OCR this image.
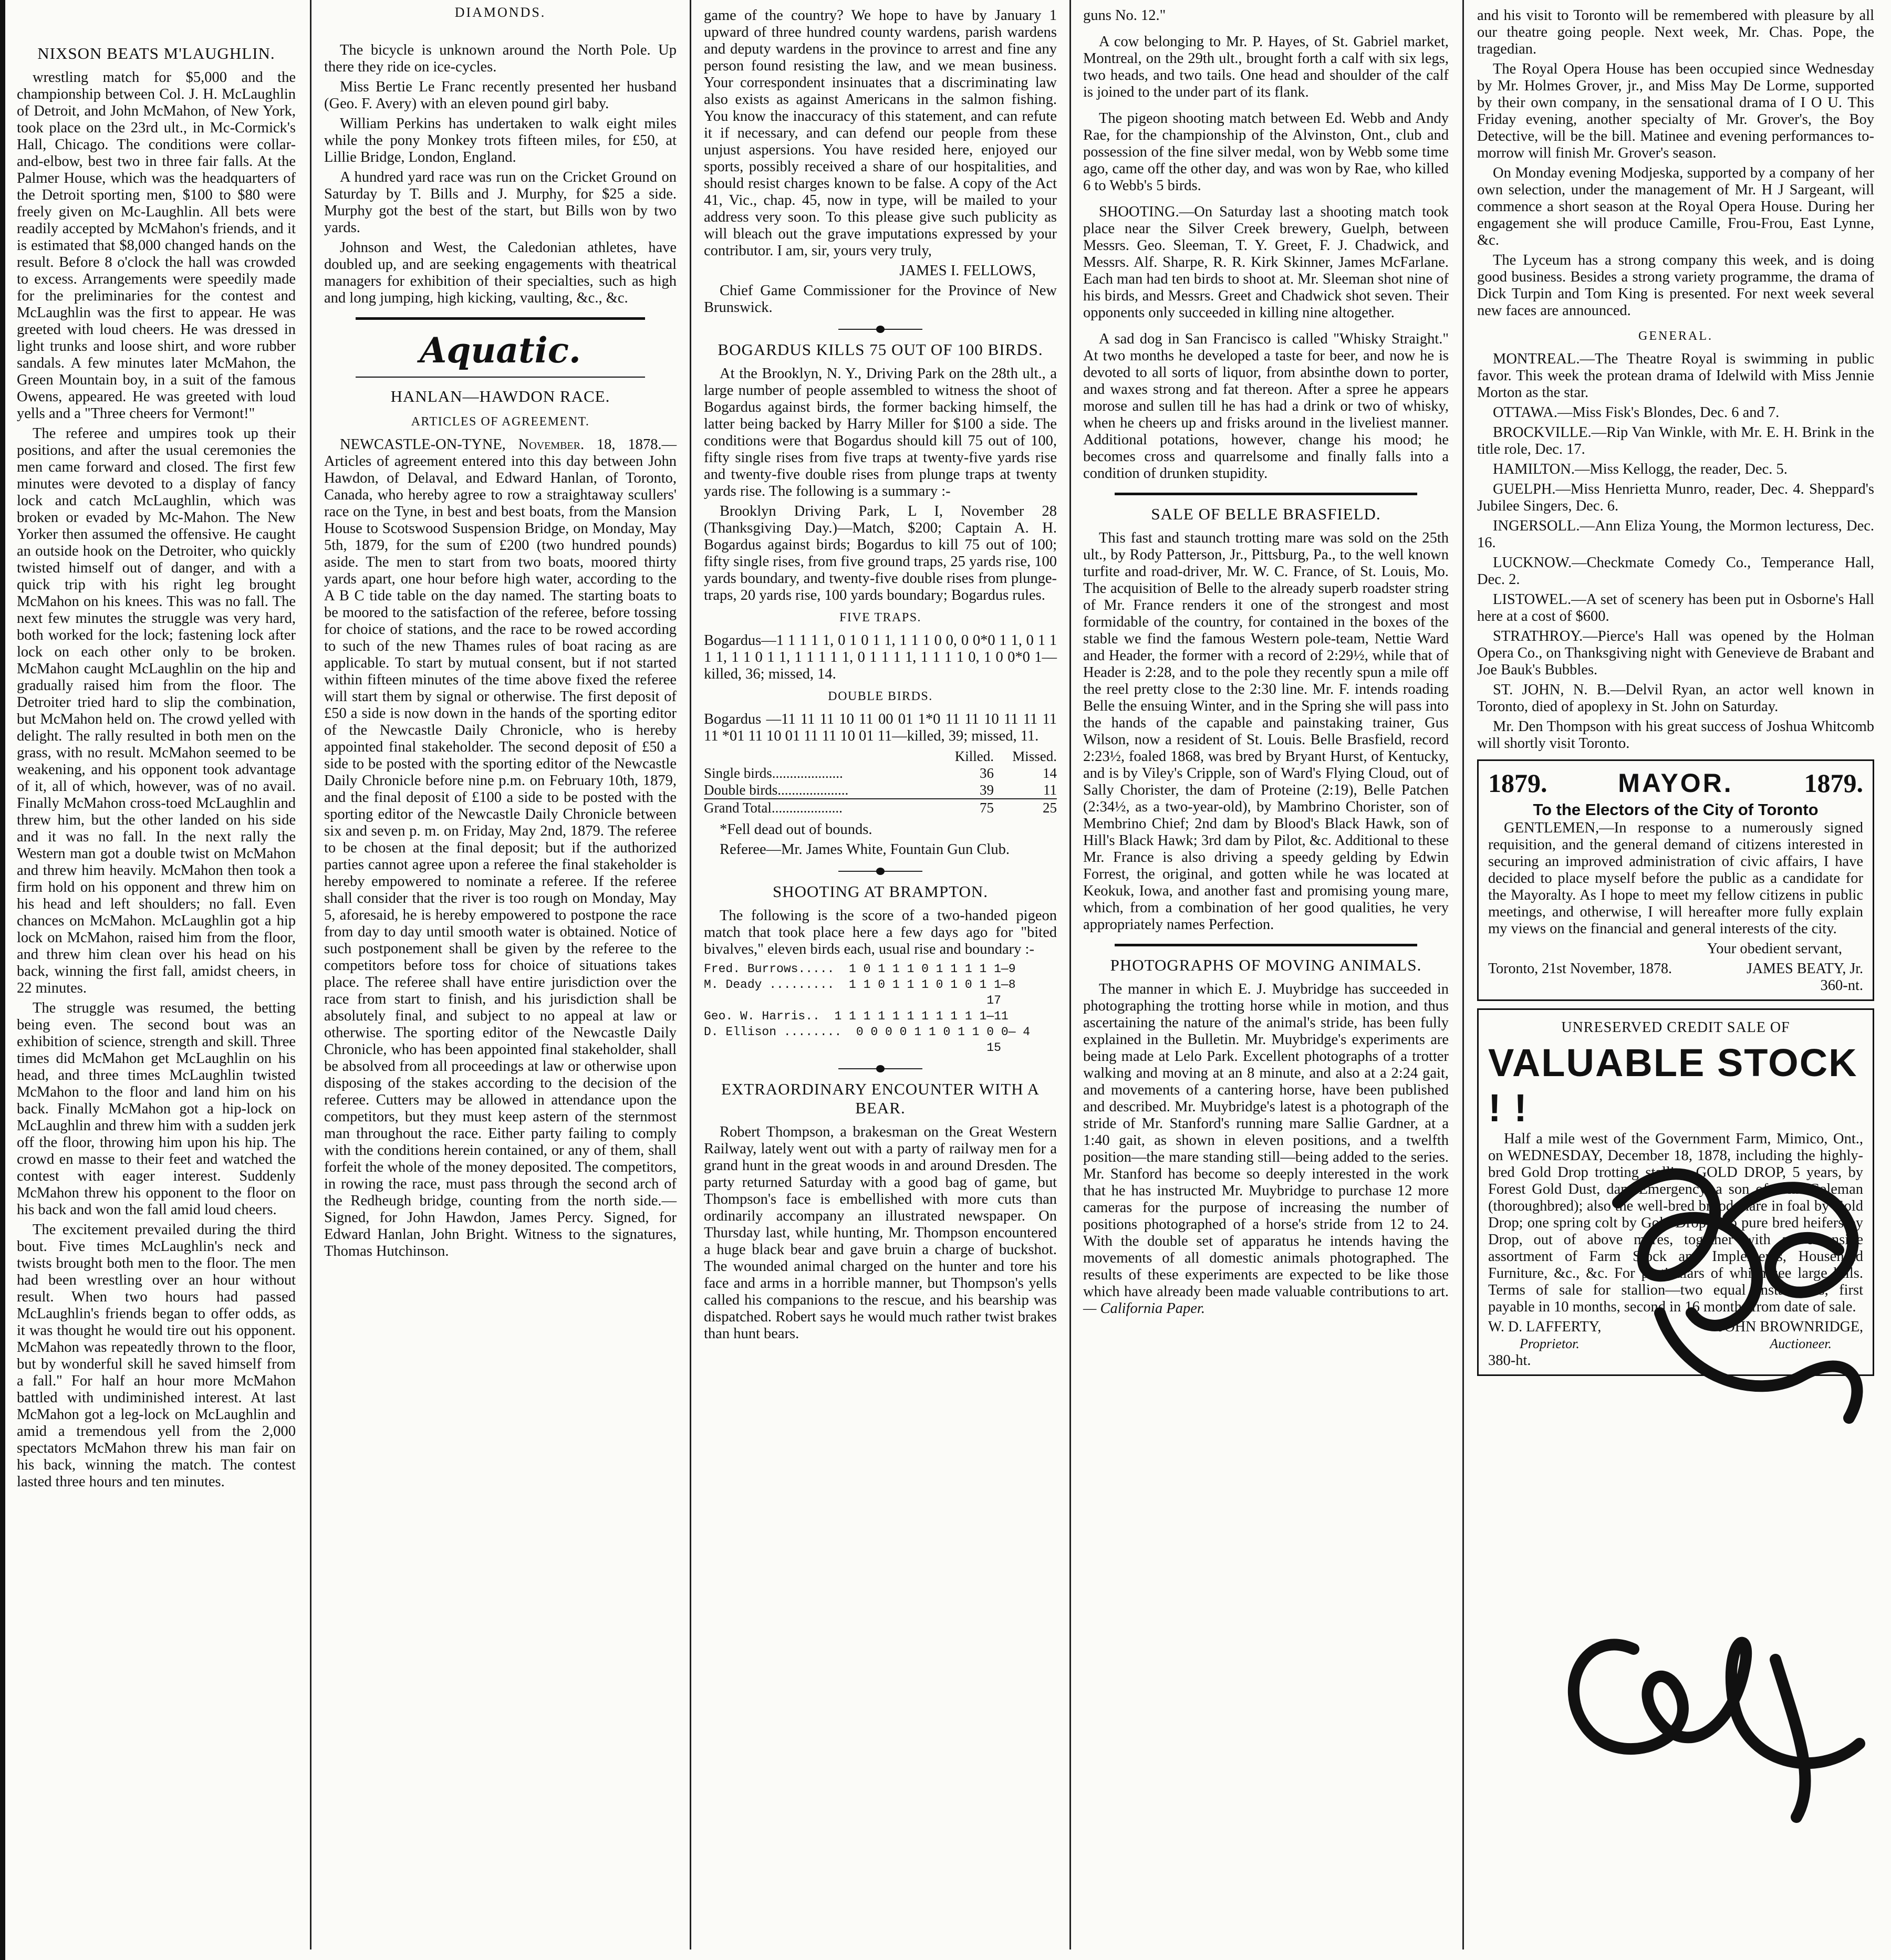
NIXSON BEATS M'LAUGHLIN.

wrestling match for $5,000 and the championship between Col. J. H. McLaughlin of Detroit, and John McMahon, of New York, took place on the 23rd ult., in Mc-Cormick's Hall, Chicago. The conditions were collar-and-elbow, best two in three fair falls. At the Palmer House, which was the headquarters of the Detroit sporting men, $100 to $80 were freely given on Mc-Laughlin. All bets were readily accepted by McMahon's friends, and it is estimated that $8,000 changed hands on the result. Before 8 o'clock the hall was crowded to excess. Arrangements were speedily made for the preliminaries for the contest and McLaughlin was the first to appear. He was greeted with loud cheers. He was dressed in light trunks and loose shirt, and wore rubber sandals. A few minutes later McMahon, the Green Mountain boy, in a suit of the famous Owens, appeared. He was greeted with loud yells and a "Three cheers for Vermont!"

The referee and umpires took up their positions, and after the usual ceremonies the men came forward and closed. The first few minutes were devoted to a display of fancy lock and catch McLaughlin, which was broken or evaded by Mc-Mahon. The New Yorker then assumed the offensive. He caught an outside hook on the Detroiter, who quickly twisted himself out of danger, and with a quick trip with his right leg brought McMahon on his knees. This was no fall. The next few minutes the struggle was very hard, both worked for the lock; fastening lock after lock on each other only to be broken. McMahon caught McLaughlin on the hip and gradually raised him from the floor. The Detroiter tried hard to slip the combination, but McMahon held on. The crowd yelled with delight. The rally resulted in both men on the grass, with no result. McMahon seemed to be weakening, and his opponent took advantage of it, all of which, however, was of no avail. Finally McMahon cross-toed McLaughlin and threw him, but the other landed on his side and it was no fall. In the next rally the Western man got a double twist on McMahon and threw him heavily. McMahon then took a firm hold on his opponent and threw him on his head and left shoulders; no fall. Even chances on McMahon. McLaughlin got a hip lock on McMahon, raised him from the floor, and threw him clean over his head on his back, winning the first fall, amidst cheers, in 22 minutes.

The struggle was resumed, the betting being even. The second bout was an exhibition of science, strength and skill. Three times did McMahon get McLaughlin on his head, and three times McLaughlin twisted McMahon to the floor and land him on his back. Finally McMahon got a hip-lock on McLaughlin and threw him with a sudden jerk off the floor, throwing him upon his hip. The crowd en masse to their feet and watched the contest with eager interest. Suddenly McMahon threw his opponent to the floor on his back and won the fall amid loud cheers.

The excitement prevailed during the third bout. Five times McLaughlin's neck and twists brought both men to the floor. The men had been wrestling over an hour without result. When two hours had passed McLaughlin's friends began to offer odds, as it was thought he would tire out his opponent. McMahon was repeatedly thrown to the floor, but by wonderful skill he saved himself from a fall." For half an hour more McMahon battled with undiminished interest. At last McMahon got a leg-lock on McLaughlin and amid a tremendous yell from the 2,000 spectators McMahon threw his man fair on his back, winning the match. The contest lasted three hours and ten minutes.

DIAMONDS.

The bicycle is unknown around the North Pole. Up there they ride on ice-cycles.

Miss Bertie Le Franc recently presented her husband (Geo. F. Avery) with an eleven pound girl baby.

William Perkins has undertaken to walk eight miles while the pony Monkey trots fifteen miles, for £50, at Lillie Bridge, London, England.

A hundred yard race was run on the Cricket Ground on Saturday by T. Bills and J. Murphy, for $25 a side. Murphy got the best of the start, but Bills won by two yards.

Johnson and West, the Caledonian athletes, have doubled up, and are seeking engagements with theatrical managers for exhibition of their specialties, such as high and long jumping, high kicking, vaulting, &c., &c.

Aquatic.
HANLAN—HAWDON RACE.
ARTICLES OF AGREEMENT.

NEWCASTLE-ON-TYNE, November. 18, 1878.—Articles of agreement entered into this day between John Hawdon, of Delaval, and Edward Hanlan, of Toronto, Canada, who hereby agree to row a straightaway scullers' race on the Tyne, in best and best boats, from the Mansion House to Scotswood Suspension Bridge, on Monday, May 5th, 1879, for the sum of £200 (two hundred pounds) aside. The men to start from two boats, moored thirty yards apart, one hour before high water, according to the A B C tide table on the day named. The starting boats to be moored to the satisfaction of the referee, before tossing for choice of stations, and the race to be rowed according to such of the new Thames rules of boat racing as are applicable. To start by mutual consent, but if not started within fifteen minutes of the time above fixed the referee will start them by signal or otherwise. The first deposit of £50 a side is now down in the hands of the sporting editor of the Newcastle Daily Chronicle, who is hereby appointed final stakeholder. The second deposit of £50 a side to be posted with the sporting editor of the Newcastle Daily Chronicle before nine p.m. on February 10th, 1879, and the final deposit of £100 a side to be posted with the sporting editor of the Newcastle Daily Chronicle between six and seven p. m. on Friday, May 2nd, 1879. The referee to be chosen at the final deposit; but if the authorized parties cannot agree upon a referee the final stakeholder is hereby empowered to nominate a referee. If the referee shall consider that the river is too rough on Monday, May 5, aforesaid, he is hereby empowered to postpone the race from day to day until smooth water is obtained. Notice of such postponement shall be given by the referee to the competitors before toss for choice of situations takes place. The referee shall have entire jurisdiction over the race from start to finish, and his jurisdiction shall be absolutely final, and subject to no appeal at law or otherwise. The sporting editor of the Newcastle Daily Chronicle, who has been appointed final stakeholder, shall be absolved from all proceedings at law or otherwise upon disposing of the stakes according to the decision of the referee. Cutters may be allowed in attendance upon the competitors, but they must keep astern of the sternmost man throughout the race. Either party failing to comply with the conditions herein contained, or any of them, shall forfeit the whole of the money deposited. The competitors, in rowing the race, must pass through the second arch of the Redheugh bridge, counting from the north side.—Signed, for John Hawdon, James Percy. Signed, for Edward Hanlan, John Bright. Witness to the signatures, Thomas Hutchinson.

game of the country? We hope to have by January 1 upward of three hundred county wardens, parish wardens and deputy wardens in the province to arrest and fine any person found resisting the law, and we mean business. Your correspondent insinuates that a discriminating law also exists as against Americans in the salmon fishing. You know the inaccuracy of this statement, and can refute it if necessary, and can defend our people from these unjust aspersions. You have resided here, enjoyed our sports, possibly received a share of our hospitalities, and should resist charges known to be false. A copy of the Act 41, Vic., chap. 45, now in type, will be mailed to your address very soon. To this please give such publicity as will bleach out the grave imputations expressed by your contributor. I am, sir, yours very truly,

JAMES I. FELLOWS,

Chief Game Commissioner for the Province of New Brunswick.

BOGARDUS KILLS 75 OUT OF 100 BIRDS.

At the Brooklyn, N. Y., Driving Park on the 28th ult., a large number of people assembled to witness the shoot of Bogardus against birds, the former backing himself, the latter being backed by Harry Miller for $100 a side. The conditions were that Bogardus should kill 75 out of 100, fifty single rises from five traps at twenty-five yards rise and twenty-five double rises from plunge traps at twenty yards rise. The following is a summary :-

Brooklyn Driving Park, L I, November 28 (Thanksgiving Day.)—Match, $200; Captain A. H. Bogardus against birds; Bogardus to kill 75 out of 100; fifty single rises, from five ground traps, 25 yards rise, 100 yards boundary, and twenty-five double rises from plunge-traps, 20 yards rise, 100 yards boundary; Bogardus rules.

FIVE TRAPS.

Bogardus—1 1 1 1 1, 0 1 0 1 1, 1 1 1 0 0, 0 0*0 1 1, 0 1 1 1 1, 1 1 0 1 1, 1 1 1 1 1, 0 1 1 1 1, 1 1 1 1 0, 1 0 0*0 1—killed, 36; missed, 14.

DOUBLE BIRDS.

Bogardus —11 11 11 10 11 00 01 1*0 11 11 10 11 11 11 11 *01 11 10 01 11 11 10 01 11—killed, 39; missed, 11.

	Killed.	Missed.
Single birds....................	36	14
Double birds....................	39	11
Grand Total....................	75	25

*Fell dead out of bounds.

Referee—Mr. James White, Fountain Gun Club.

SHOOTING AT BRAMPTON.

The following is the score of a two-handed pigeon match that took place here a few days ago for "bited bivalves," eleven birds each, usual rise and boundary :-

Fred. Burrows.....  1 0 1 1 1 0 1 1 1 1 1—9
M. Deady .........  1 1 0 1 1 1 0 1 0 1 1—8
17
Geo. W. Harris..  1 1 1 1 1 1 1 1 1 1 1—11
D. Ellison ........  0 0 0 0 1 1 0 1 1 0 0— 4
15
EXTRAORDINARY ENCOUNTER WITH A BEAR.

Robert Thompson, a brakesman on the Great Western Railway, lately went out with a party of railway men for a grand hunt in the great woods in and around Dresden. The party returned Saturday with a good bag of game, but Thompson's face is embellished with more cuts than ordinarily accompany an illustrated newspaper. On Thursday last, while hunting, Mr. Thompson encountered a huge black bear and gave bruin a charge of buckshot. The wounded animal charged on the hunter and tore his face and arms in a horrible manner, but Thompson's yells called his companions to the rescue, and his bearship was dispatched. Robert says he would much rather twist brakes than hunt bears.

guns No. 12."

A cow belonging to Mr. P. Hayes, of St. Gabriel market, Montreal, on the 29th ult., brought forth a calf with six legs, two heads, and two tails. One head and shoulder of the calf is joined to the under part of its flank.

The pigeon shooting match between Ed. Webb and Andy Rae, for the championship of the Alvinston, Ont., club and possession of the fine silver medal, won by Webb some time ago, came off the other day, and was won by Rae, who killed 6 to Webb's 5 birds.

SHOOTING.—On Saturday last a shooting match took place near the Silver Creek brewery, Guelph, between Messrs. Geo. Sleeman, T. Y. Greet, F. J. Chadwick, and Messrs. Alf. Sharpe, R. R. Kirk Skinner, James McFarlane. Each man had ten birds to shoot at. Mr. Sleeman shot nine of his birds, and Messrs. Greet and Chadwick shot seven. Their opponents only succeeded in killing nine altogether.

A sad dog in San Francisco is called "Whisky Straight." At two months he developed a taste for beer, and now he is devoted to all sorts of liquor, from absinthe down to porter, and waxes strong and fat thereon. After a spree he appears morose and sullen till he has had a drink or two of whisky, when he cheers up and frisks around in the liveliest manner. Additional potations, however, change his mood; he becomes cross and quarrelsome and finally falls into a condition of drunken stupidity.

SALE OF BELLE BRASFIELD.

This fast and staunch trotting mare was sold on the 25th ult., by Rody Patterson, Jr., Pittsburg, Pa., to the well known turfite and road-driver, Mr. W. C. France, of St. Louis, Mo. The acquisition of Belle to the already superb roadster string of Mr. France renders it one of the strongest and most formidable of the country, for contained in the boxes of the stable we find the famous Western pole-team, Nettie Ward and Header, the former with a record of 2:29½, while that of Header is 2:28, and to the pole they recently spun a mile off the reel pretty close to the 2:30 line. Mr. F. intends roading Belle the ensuing Winter, and in the Spring she will pass into the hands of the capable and painstaking trainer, Gus Wilson, now a resident of St. Louis. Belle Brasfield, record 2:23½, foaled 1868, was bred by Bryant Hurst, of Kentucky, and is by Viley's Cripple, son of Ward's Flying Cloud, out of Sally Chorister, the dam of Proteine (2:19), Belle Patchen (2:34½, as a two-year-old), by Mambrino Chorister, son of Membrino Chief; 2nd dam by Blood's Black Hawk, son of Hill's Black Hawk; 3rd dam by Pilot, &c. Additional to these Mr. France is also driving a speedy gelding by Edwin Forrest, the original, and gotten while he was located at Keokuk, Iowa, and another fast and promising young mare, which, from a combination of her good qualities, he very appropriately names Perfection.

PHOTOGRAPHS OF MOVING ANIMALS.

The manner in which E. J. Muybridge has succeeded in photographing the trotting horse while in motion, and thus ascertaining the nature of the animal's stride, has been fully explained in the Bulletin. Mr. Muybridge's experiments are being made at Lelo Park. Excellent photographs of a trotter walking and moving at an 8 minute, and also at a 2:24 gait, and movements of a cantering horse, have been published and described. Mr. Muybridge's latest is a photograph of the stride of Mr. Stanford's running mare Sallie Gardner, at a 1:40 gait, as shown in eleven positions, and a twelfth position—the mare standing still—being added to the series. Mr. Stanford has become so deeply interested in the work that he has instructed Mr. Muybridge to purchase 12 more cameras for the purpose of increasing the number of positions photographed of a horse's stride from 12 to 24. With the double set of apparatus he intends having the movements of all domestic animals photographed. The results of these experiments are expected to be like those which have already been made valuable contributions to art. — California Paper.

and his visit to Toronto will be remembered with pleasure by all our theatre going people. Next week, Mr. Chas. Pope, the tragedian.

The Royal Opera House has been occupied since Wednesday by Mr. Holmes Grover, jr., and Miss May De Lorme, supported by their own company, in the sensational drama of I O U. This Friday evening, another specialty of Mr. Grover's, the Boy Detective, will be the bill. Matinee and evening performances to-morrow will finish Mr. Grover's season.

On Monday evening Modjeska, supported by a company of her own selection, under the management of Mr. H J Sargeant, will commence a short season at the Royal Opera House. During her engagement she will produce Camille, Frou-Frou, East Lynne, &c.

The Lyceum has a strong company this week, and is doing good business. Besides a strong variety programme, the drama of Dick Turpin and Tom King is presented. For next week several new faces are announced.

GENERAL.

MONTREAL.—The Theatre Royal is swimming in public favor. This week the protean drama of Idelwild with Miss Jennie Morton as the star.

OTTAWA.—Miss Fisk's Blondes, Dec. 6 and 7.

BROCKVILLE.—Rip Van Winkle, with Mr. E. H. Brink in the title role, Dec. 17.

HAMILTON.—Miss Kellogg, the reader, Dec. 5.

GUELPH.—Miss Henrietta Munro, reader, Dec. 4. Sheppard's Jubilee Singers, Dec. 6.

INGERSOLL.—Ann Eliza Young, the Mormon lecturess, Dec. 16.

LUCKNOW.—Checkmate Comedy Co., Temperance Hall, Dec. 2.

LISTOWEL.—A set of scenery has been put in Osborne's Hall here at a cost of $600.

STRATHROY.—Pierce's Hall was opened by the Holman Opera Co., on Thanksgiving night with Genevieve de Brabant and Joe Bauk's Bubbles.

ST. JOHN, N. B.—Delvil Ryan, an actor well known in Toronto, died of apoplexy in St. John on Saturday.

Mr. Den Thompson with his great success of Joshua Whitcomb will shortly visit Toronto.

1879.	MAYOR.	1879.
To the Electors of the City of Toronto

GENTLEMEN,—In response to a numerously signed requisition, and the general demand of citizens interested in securing an improved administration of civic affairs, I have decided to place myself before the public as a candidate for the Mayoralty. As I hope to meet my fellow citizens in public meetings, and otherwise, I will hereafter more fully explain my views on the financial and general interests of the city.

Your obedient servant,

Toronto, 21st November, 1878.	JAMES BEATY, Jr.
360-nt.
UNRESERVED CREDIT SALE OF
VALUABLE STOCK ! !

Half a mile west of the Government Farm, Mimico, Ont., on WEDNESDAY, December 18, 1878, including the highly-bred Gold Drop trotting stallion GOLD DROP, 5 years, by Forest Gold Dust, dam Emergency, a son of John Coleman (thoroughbred); also the well-bred brood mare in foal by Gold Drop; one spring colt by Gold Drop; two pure bred heifers by Drop, out of above mares, together with an extensive assortment of Farm Stock and Implements, Household Furniture, &c., &c. For particulars of which see large bills. Terms of sale for stallion—two equal instalments, first payable in 10 months, second in 16 months from date of sale.

W. D. LAFFERTY,	JOHN BROWNRIDGE,
Proprietor.	Auctioneer.
380-ht.
